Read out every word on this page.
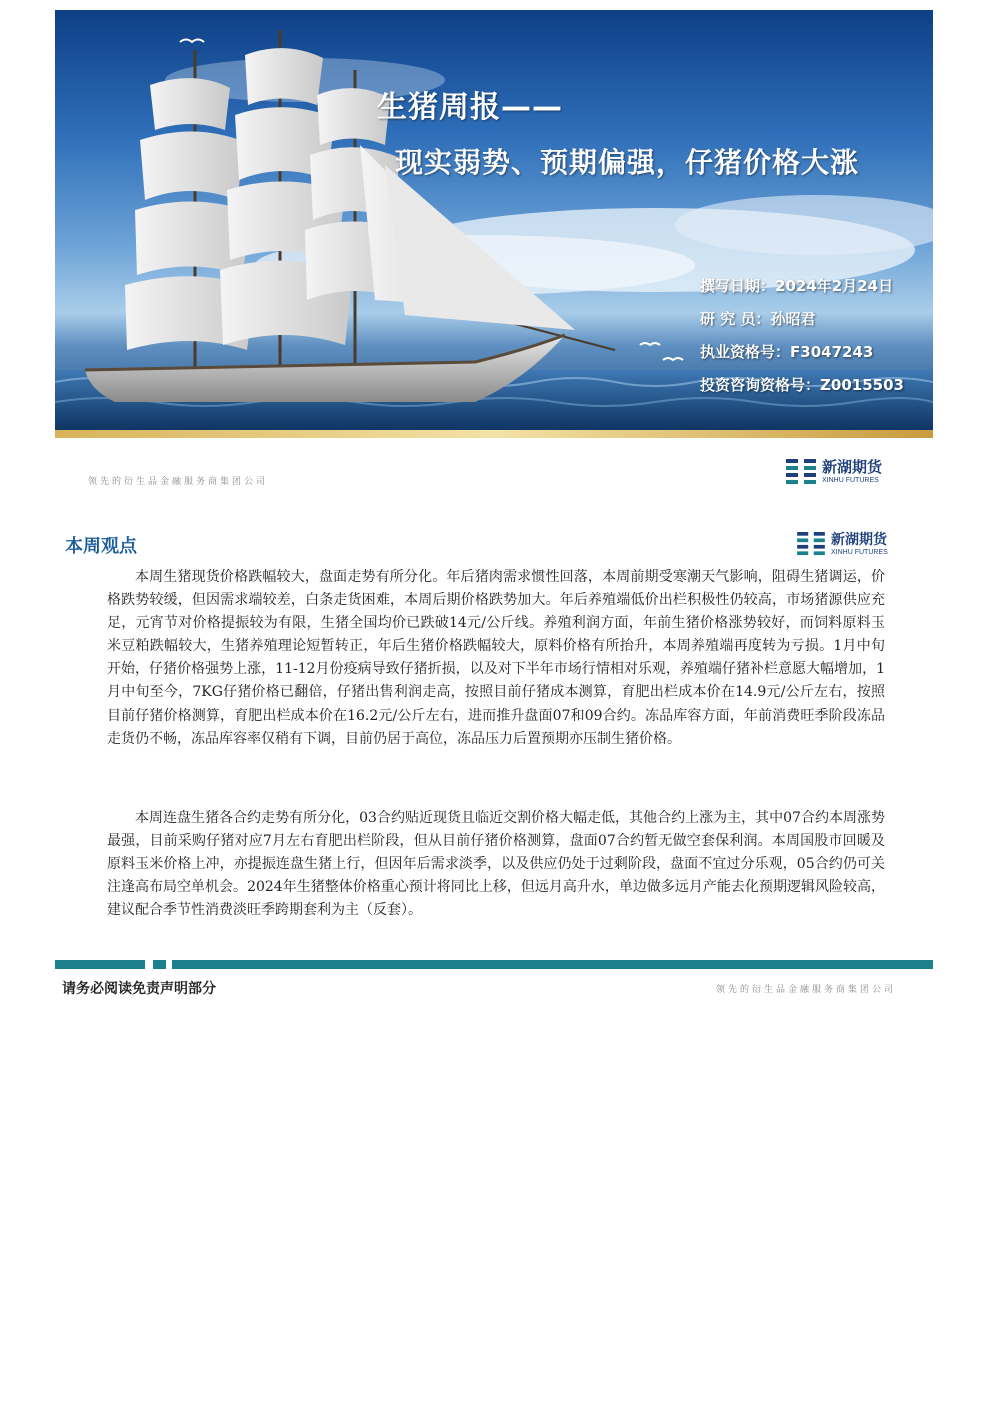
生猪周报——
现实弱势、预期偏强，仔猪价格大涨
撰写日期：2024年2月24日
研 究 员：孙昭君
执业资格号：F3047243
投资咨询资格号：Z0015503
领先的衍生品金融服务商集团公司
新湖期货
XINHU FUTURES
本周观点	新湖期货
XINHU FUTURES

本周生猪现货价格跌幅较大，盘面走势有所分化。年后猪肉需求惯性回落，本周前期受寒潮天气影响，阻碍生猪调运，价格跌势较缓，但因需求端较差，白条走货困难，本周后期价格跌势加大。年后养殖端低价出栏积极性仍较高，市场猪源供应充足，元宵节对价格提振较为有限，生猪全国均价已跌破14元/公斤线。养殖利润方面，年前生猪价格涨势较好，而饲料原料玉米豆粕跌幅较大，生猪养殖理论短暂转正，年后生猪价格跌幅较大，原料价格有所抬升，本周养殖端再度转为亏损。1月中旬开始，仔猪价格强势上涨，11-12月份疫病导致仔猪折损，以及对下半年市场行情相对乐观，养殖端仔猪补栏意愿大幅增加，1月中旬至今，7KG仔猪价格已翻倍，仔猪出售利润走高，按照目前仔猪成本测算，育肥出栏成本价在14.9元/公斤左右，按照目前仔猪价格测算，育肥出栏成本价在16.2元/公斤左右，进而推升盘面07和09合约。冻品库容方面，年前消费旺季阶段冻品走货仍不畅，冻品库容率仅稍有下调，目前仍居于高位，冻品压力后置预期亦压制生猪价格。

本周连盘生猪各合约走势有所分化，03合约贴近现货且临近交割价格大幅走低，其他合约上涨为主，其中07合约本周涨势最强，目前采购仔猪对应7月左右育肥出栏阶段，但从目前仔猪价格测算，盘面07合约暂无做空套保利润。本周国股市回暖及原料玉米价格上冲，亦提振连盘生猪上行，但因年后需求淡季，以及供应仍处于过剩阶段，盘面不宜过分乐观，05合约仍可关注逢高布局空单机会。2024年生猪整体价格重心预计将同比上移，但远月高升水，单边做多远月产能去化预期逻辑风险较高，建议配合季节性消费淡旺季跨期套利为主（反套）。

请务必阅读免责声明部分	领先的衍生品金融服务商集团公司
